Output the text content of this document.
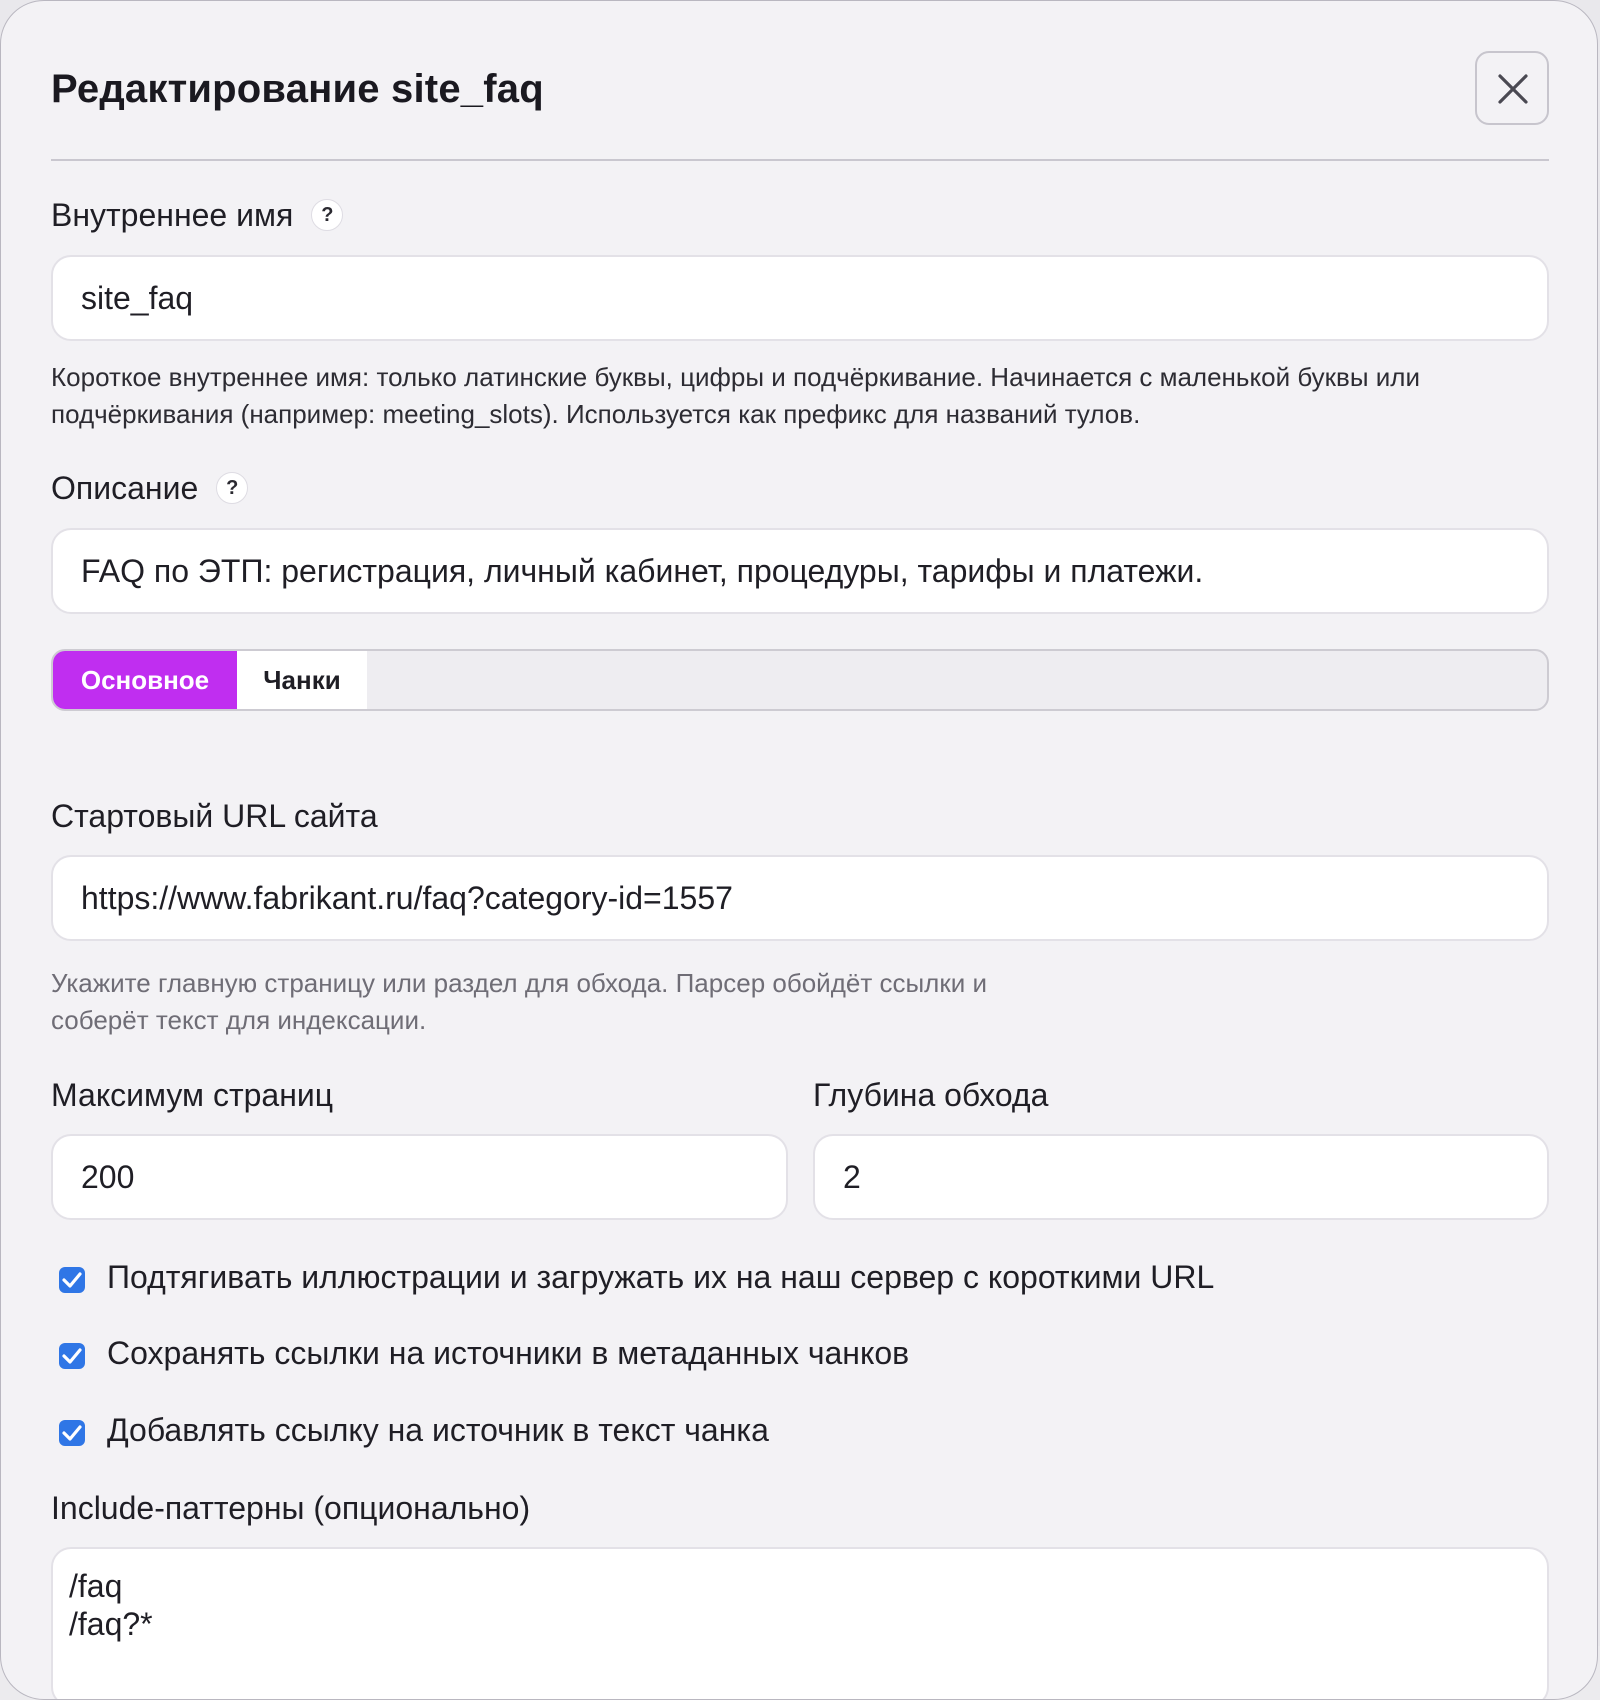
Редактирование site_faq
Внутреннее имя ?
site_faq
Короткое внутреннее имя: только латинские буквы, цифры и подчёркивание. Начинается с маленькой буквы или подчёркивания (например: meeting_slots). Используется как префикс для названий тулов.
Описание ?
FAQ по ЭТП: регистрация, личный кабинет, процедуры, тарифы и платежи.
Основное	Чанки
Стартовый URL сайта
https://www.fabrikant.ru/faq?category-id=1557
Укажите главную страницу или раздел для обхода. Парсер обойдёт ссылки и
соберёт текст для индексации.
Максимум страниц
200
Глубина обхода
2
Подтягивать иллюстрации и загружать их на наш сервер с короткими URL
Сохранять ссылки на источники в метаданных чанков
Добавлять ссылку на источник в текст чанка
Include-паттерны (опционально)
/faq
/faq?*
